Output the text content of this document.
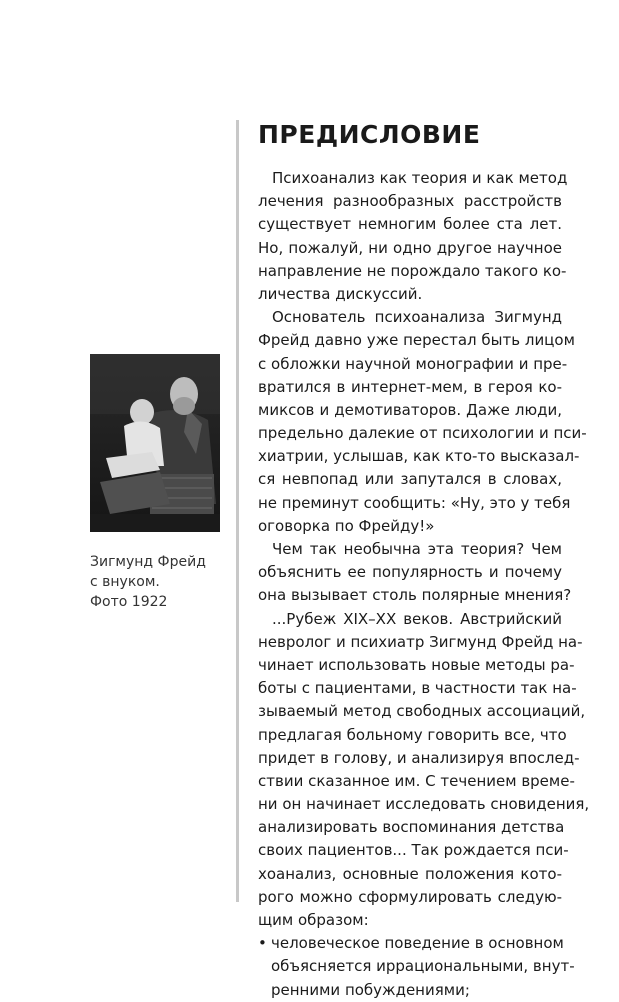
Зигмунд Фрейд
с внуком.
Фото 1922
ПРЕДИСЛОВИЕ
Психоанализ как теория и как метод
лечения разнообразных расстройств
существует немногим более ста лет.
Но, пожалуй, ни одно другое научное
направление не порождало такого ко-
личества дискуссий.
Основатель психоанализа Зигмунд
Фрейд давно уже перестал быть лицом
с обложки научной монографии и пре-
вратился в интернет-мем, в героя ко-
миксов и демотиваторов. Даже люди,
предельно далекие от психологии и пси-
хиатрии, услышав, как кто-то высказал-
ся невпопад или запутался в словах,
не преминут сообщить: «Ну, это у тебя
оговорка по Фрейду!»
Чем так необычна эта теория? Чем
объяснить ее популярность и почему
она вызывает столь полярные мнения?
...Рубеж XIX–XX веков. Австрийский
невролог и психиатр Зигмунд Фрейд на-
чинает использовать новые методы ра-
боты с пациентами, в частности так на-
зываемый метод свободных ассоциаций,
предлагая больному говорить все, что
придет в голову, и анализируя впослед-
ствии сказанное им. С течением време-
ни он начинает исследовать сновидения,
анализировать воспоминания детства
своих пациентов... Так рождается пси-
хоанализ, основные положения кото-
рого можно сформулировать следую-
щим образом:
• человеческое поведение в основном
объясняется иррациональными, внут-
ренними побуждениями;
